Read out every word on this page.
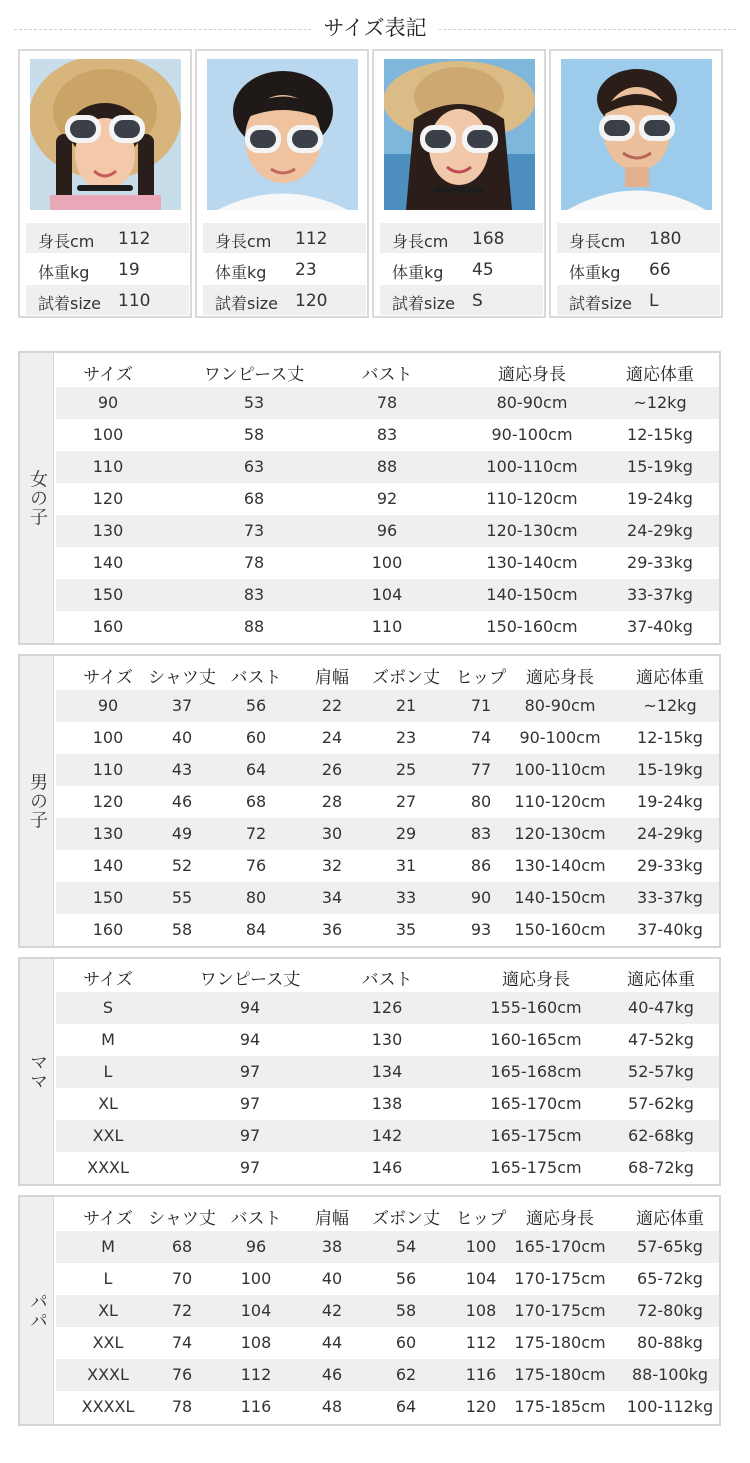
サイズ表記
身長cm 112
体重kg 19
試着size 110
身長cm 112
体重kg 23
試着size 120
身長cm 168
体重kg 45
試着size S
身長cm 180
体重kg 66
試着size L
女の子
サイズ	ワンピース丈	バスト	適応身長	適応体重
90	53	78	80-90cm	~12kg
100	58	83	90-100cm	12-15kg
110	63	88	100-110cm	15-19kg
120	68	92	110-120cm	19-24kg
130	73	96	120-130cm	24-29kg
140	78	100	130-140cm	29-33kg
150	83	104	140-150cm	33-37kg
160	88	110	150-160cm	37-40kg
男の子
サイズ シャツ丈 バスト 肩幅 ズボン丈 ヒップ 適応身長 適応体重
90	37	56	22	21	71 80-90cm	~12kg
100	40	60	24	23	74 90-100cm 12-15kg
110	43	64	26	25	77 100-110cm 15-19kg
120	46	68	28	27	80 110-120cm 19-24kg
130	49	72	30	29	83 120-130cm 24-29kg
140	52	76	32	31	86 130-140cm 29-33kg
150	55	80	34	33	90 140-150cm 33-37kg
160	58	84	36	35	93 150-160cm 37-40kg
ママ
サイズ	ワンピース丈	バスト	適応身長	適応体重
S	94	126	155-160cm	40-47kg
M	94	130	160-165cm	47-52kg
L	97	134	165-168cm	52-57kg
XL	97	138	165-170cm	57-62kg
XXL	97	142	165-175cm	62-68kg
XXXL	97	146	165-175cm	68-72kg
パパ
サイズ シャツ丈 バスト 肩幅 ズボン丈 ヒップ 適応身長 適応体重
M	68	96	38	54	100 165-170cm 57-65kg
L	70	100	40	56	104 170-175cm 65-72kg
XL	72	104	42	58	108 170-175cm 72-80kg
XXL	74	108	44	60	112 175-180cm 80-88kg
XXXL	76	112	46	62	116 175-180cm 88-100kg
XXXXL 78	116	48	64	120 175-185cm 100-112kg
